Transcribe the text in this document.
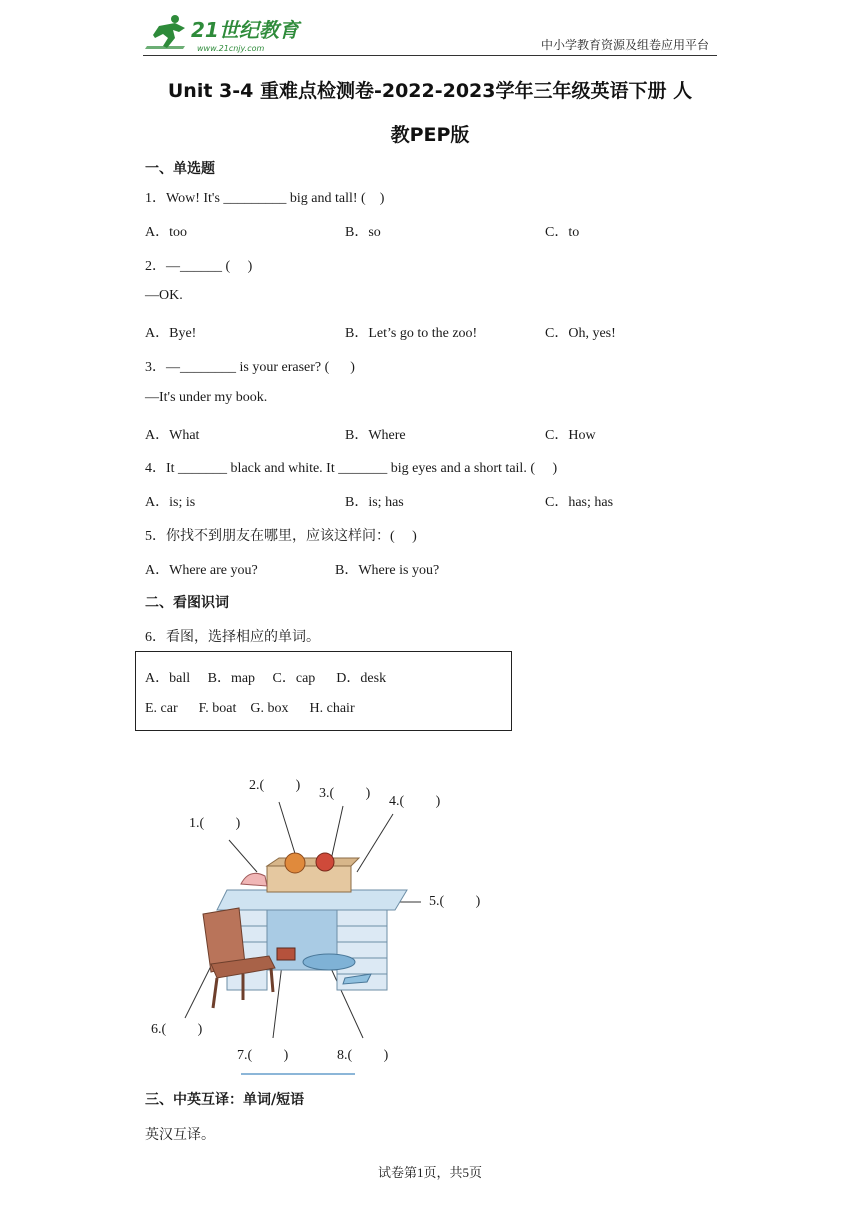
21世纪教育
www.21cnjy.com	中小学教育资源及组卷应用平台
Unit 3-4 重难点检测卷-2022-2023学年三年级英语下册 人
教PEP版
一、单选题
1．Wow! It's _________ big and tall! (    )
A．too	B．so	C．to
2．—______ (     )
—OK.
A．Bye!	B．Let’s go to the zoo!	C．Oh, yes!
3．—________ is your eraser? (      )
—It's under my book.
A．What	B．Where	C．How
4．It _______ black and white. It _______ big eyes and a short tail. (     )
A．is; is	B．is; has	C．has; has
5．你找不到朋友在哪里，应该这样问：(     )
A．Where are you?	B．Where is you?
二、看图识词
6．看图，选择相应的单词。
A．ball     B．map     C．cap      D．desk
E. car      F. boat    G. box      H. chair
1.(         )
2.(         )
3.(         )
4.(         )
5.(         )
6.(         )
7.(         )	8.(         )
三、中英互译：单词/短语
英汉互译。
试卷第1页，共5页
